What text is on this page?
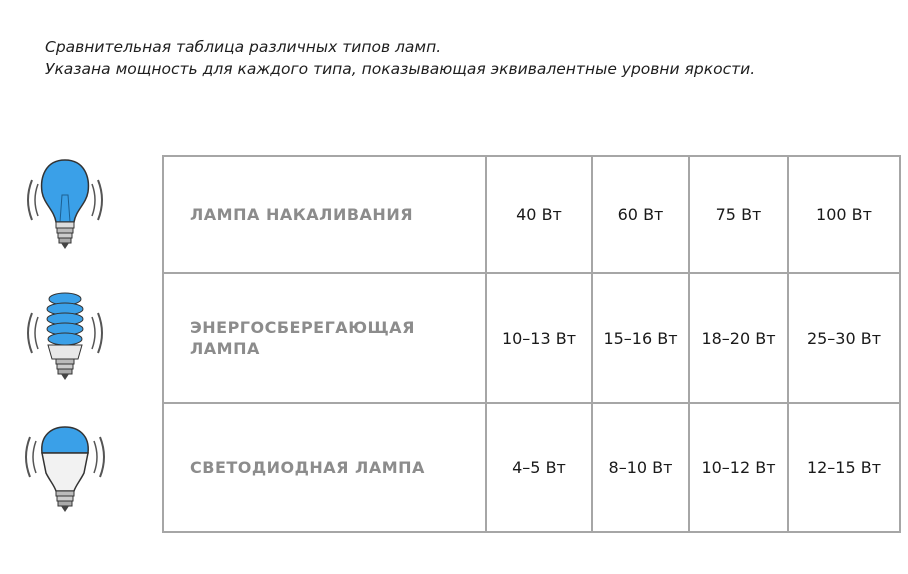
Сравнительная таблица различных типов ламп.
Указана мощность для каждого типа, показывающая эквивалентные уровни яркости.
ЛАМПА НАКАЛИВАНИЯ	40 Вт	60 Вт	75 Вт	100 Вт
ЭНЕРГОСБЕРЕГАЮЩАЯ ЛАМПА	10–13 Вт	15–16 Вт	18–20 Вт	25–30 Вт
СВЕТОДИОДНАЯ ЛАМПА	4–5 Вт	8–10 Вт	10–12 Вт	12–15 Вт
